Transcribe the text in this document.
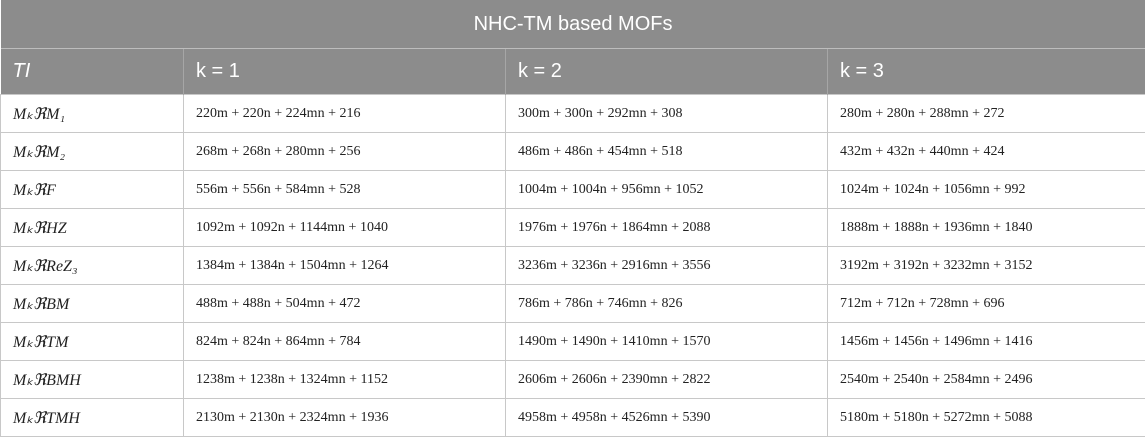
NHC-TM based MOFs			
TI	k = 1	k = 2	k = 3
MₖℜM₁	220m + 220n + 224mn + 216	300m + 300n + 292mn + 308	280m + 280n + 288mn + 272
MₖℜM₂	268m + 268n + 280mn + 256	486m + 486n + 454mn + 518	432m + 432n + 440mn + 424
MₖℜF	556m + 556n + 584mn + 528	1004m + 1004n + 956mn + 1052	1024m + 1024n + 1056mn + 992
MₖℜHZ	1092m + 1092n + 1144mn + 1040	1976m + 1976n + 1864mn + 2088	1888m + 1888n + 1936mn + 1840
MₖℜReZ₃	1384m + 1384n + 1504mn + 1264	3236m + 3236n + 2916mn + 3556	3192m + 3192n + 3232mn + 3152
MₖℜBM	488m + 488n + 504mn + 472	786m + 786n + 746mn + 826	712m + 712n + 728mn + 696
MₖℜTM	824m + 824n + 864mn + 784	1490m + 1490n + 1410mn + 1570	1456m + 1456n + 1496mn + 1416
MₖℜBMH	1238m + 1238n + 1324mn + 1152	2606m + 2606n + 2390mn + 2822	2540m + 2540n + 2584mn + 2496
MₖℜTMH	2130m + 2130n + 2324mn + 1936	4958m + 4958n + 4526mn + 5390	5180m + 5180n + 5272mn + 5088
